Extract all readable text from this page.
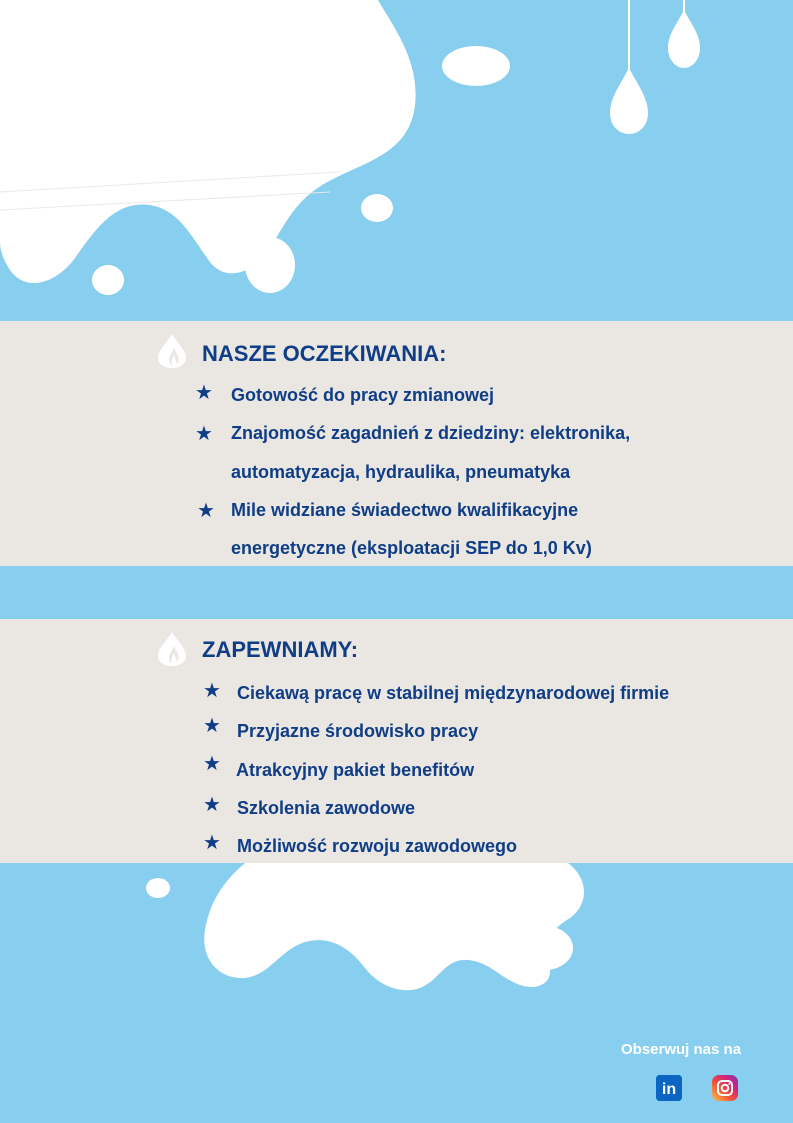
NASZE OCZEKIWANIA:
★ Gotowość do pracy zmianowej
★ Znajomość zagadnień z dziedziny: elektronika,
automatyzacja, hydraulika, pneumatyka
★ Mile widziane świadectwo kwalifikacyjne
energetyczne (eksploatacji SEP do 1,0 Kv)
ZAPEWNIAMY:
★ Ciekawą pracę w stabilnej międzynarodowej firmie
★ Przyjazne środowisko pracy
★ Atrakcyjny pakiet benefitów
★ Szkolenia zawodowe
★ Możliwość rozwoju zawodowego
Obserwuj nas na
in
